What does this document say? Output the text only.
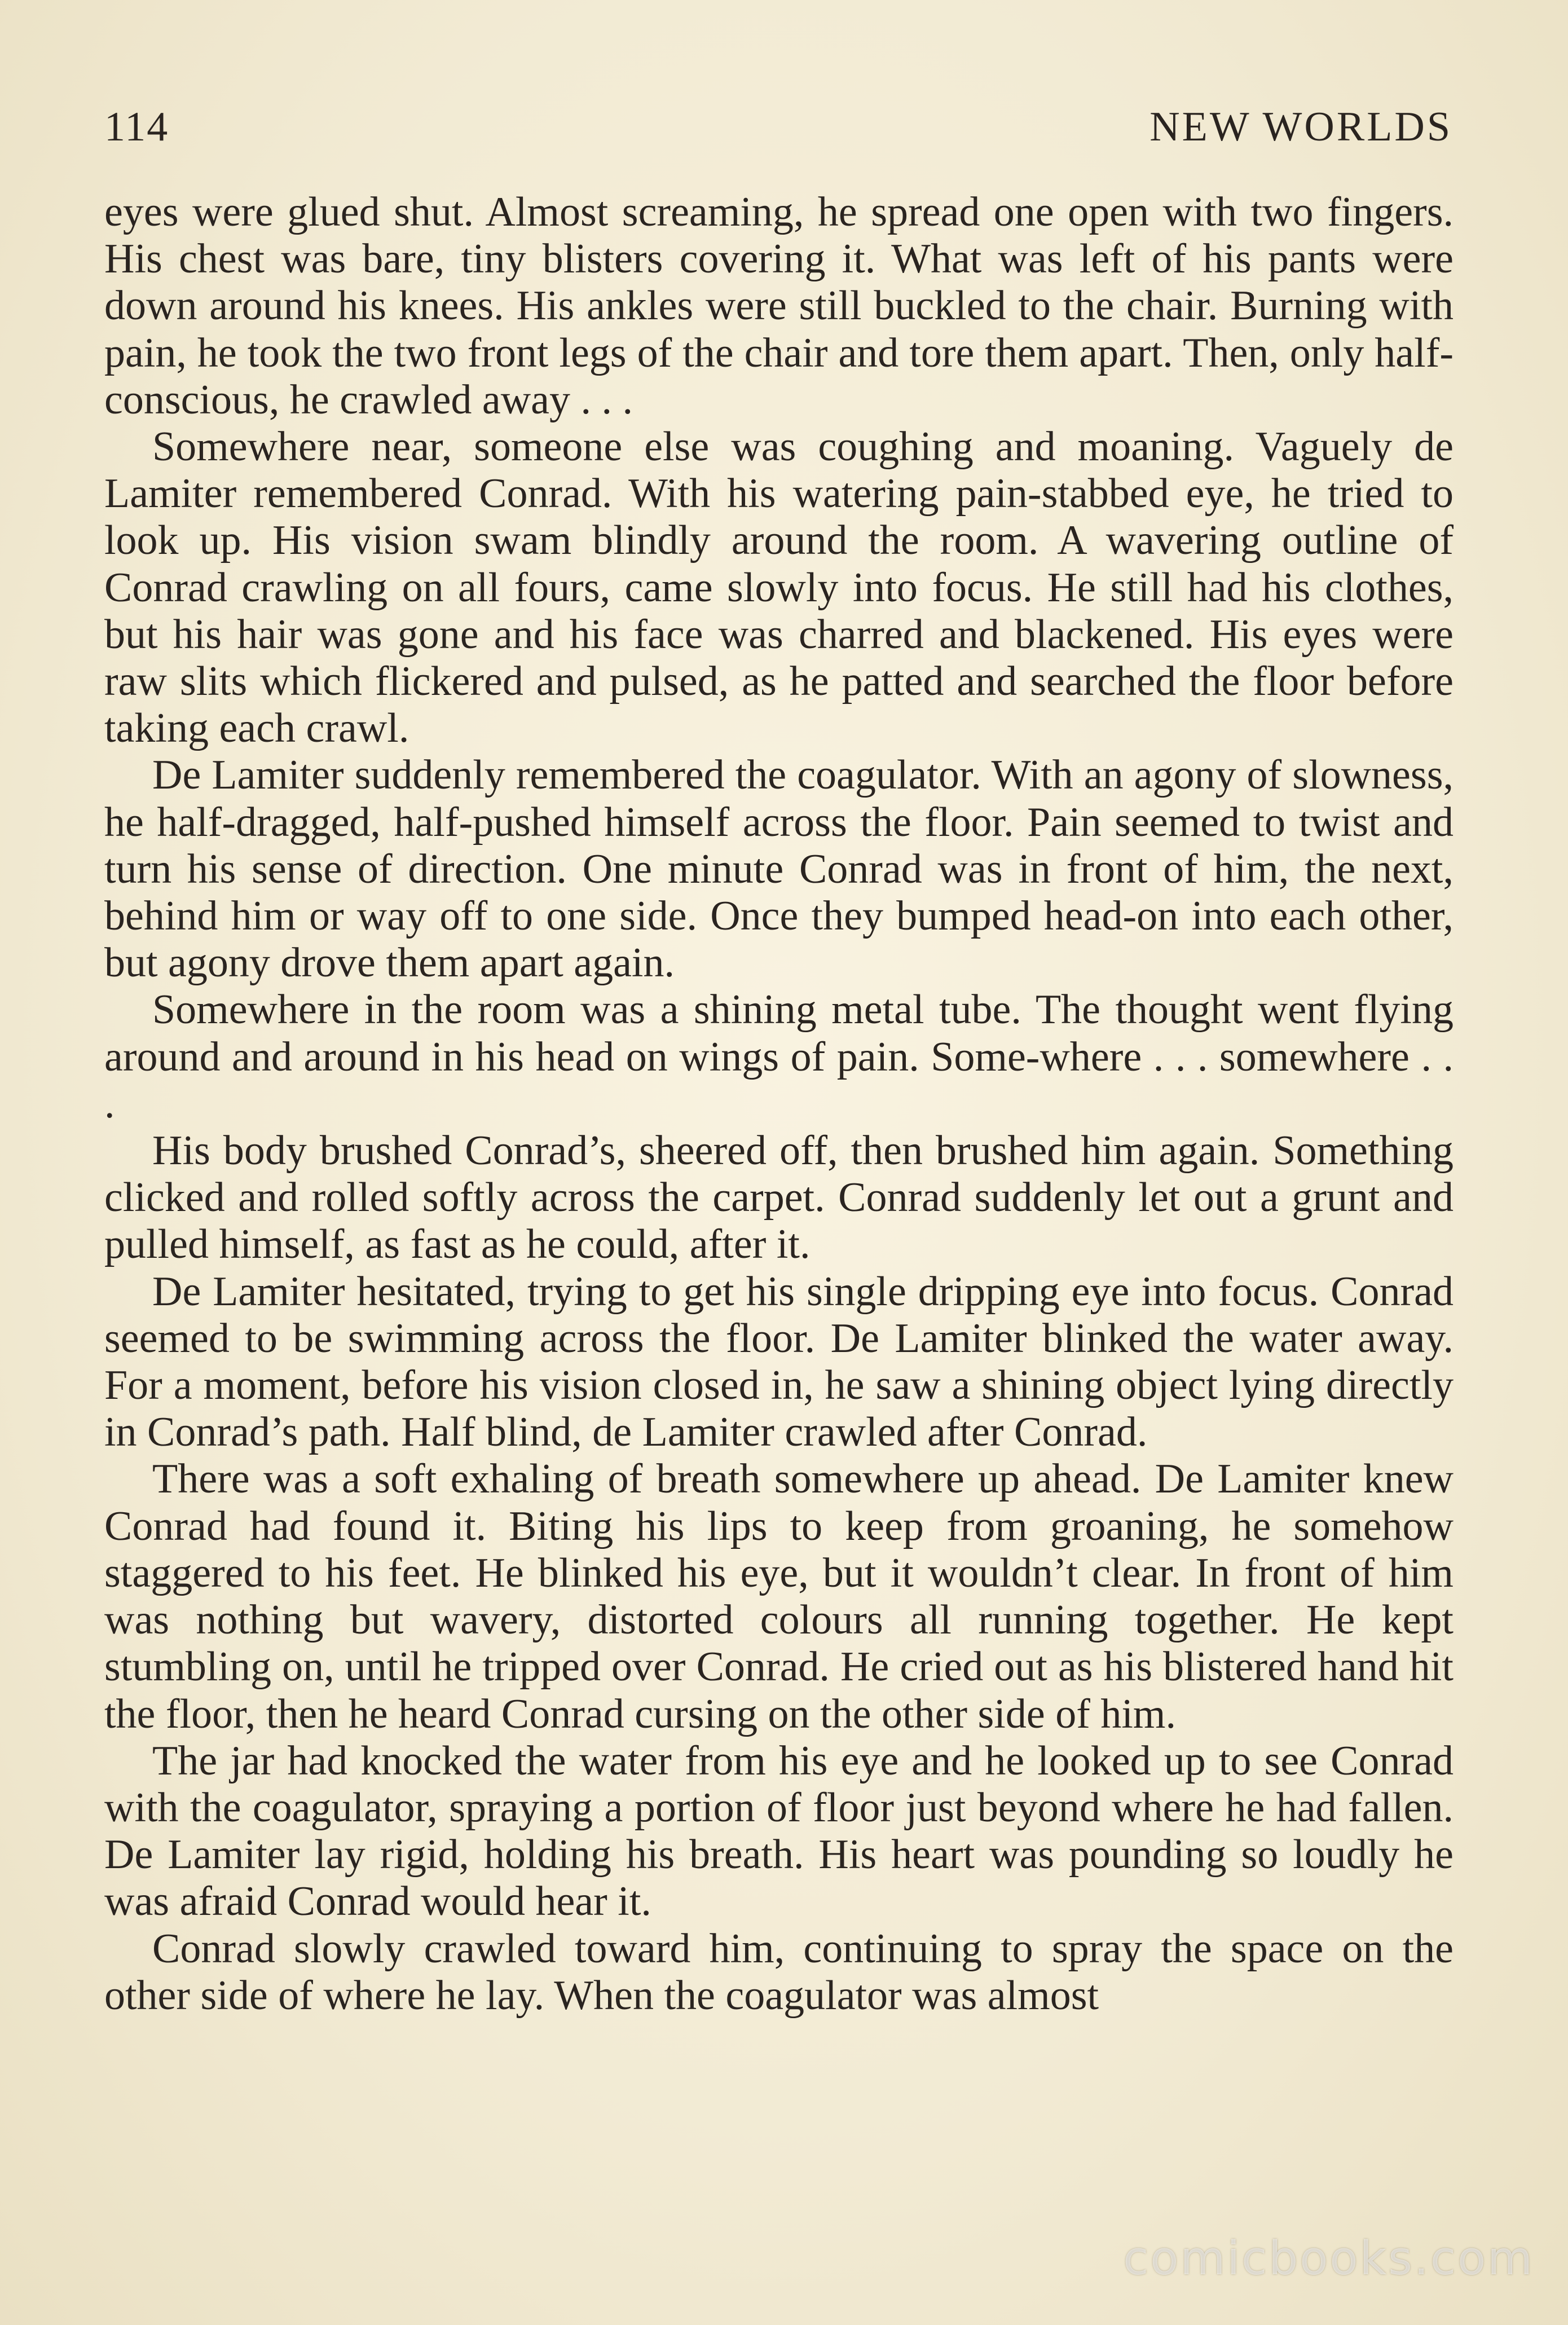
114	NEW WORLDS

eyes were glued shut. Almost screaming, he spread one open with two fingers. His chest was bare, tiny blisters covering it. What was left of his pants were down around his knees. His ankles were still buckled to the chair. Burning with pain, he took the two front legs of the chair and tore them apart. Then, only half-conscious, he crawled away . . .

Somewhere near, someone else was coughing and moaning. Vaguely de Lamiter remembered Conrad. With his watering pain-stabbed eye, he tried to look up. His vision swam blindly around the room. A wavering outline of Conrad crawling on all fours, came slowly into focus. He still had his clothes, but his hair was gone and his face was charred and blackened. His eyes were raw slits which flickered and pulsed, as he patted and searched the floor before taking each crawl.

De Lamiter suddenly remembered the coagulator. With an agony of slowness, he half-dragged, half-pushed himself across the floor. Pain seemed to twist and turn his sense of direction. One minute Conrad was in front of him, the next, behind him or way off to one side. Once they bumped head-on into each other, but agony drove them apart again.

Somewhere in the room was a shining metal tube. The thought went flying around and around in his head on wings of pain. Some-where . . . somewhere . . .

His body brushed Conrad’s, sheered off, then brushed him again. Something clicked and rolled softly across the carpet. Conrad suddenly let out a grunt and pulled himself, as fast as he could, after it.

De Lamiter hesitated, trying to get his single dripping eye into focus. Conrad seemed to be swimming across the floor. De Lamiter blinked the water away. For a moment, before his vision closed in, he saw a shining object lying directly in Conrad’s path. Half blind, de Lamiter crawled after Conrad.

There was a soft exhaling of breath somewhere up ahead. De Lamiter knew Conrad had found it. Biting his lips to keep from groaning, he somehow staggered to his feet. He blinked his eye, but it wouldn’t clear. In front of him was nothing but wavery, distorted colours all running together. He kept stumbling on, until he tripped over Conrad. He cried out as his blistered hand hit the floor, then he heard Conrad cursing on the other side of him.

The jar had knocked the water from his eye and he looked up to see Conrad with the coagulator, spraying a portion of floor just beyond where he had fallen. De Lamiter lay rigid, holding his breath. His heart was pounding so loudly he was afraid Conrad would hear it.

Conrad slowly crawled toward him, continuing to spray the space on the other side of where he lay. When the coagulator was almost

comicbooks.com
